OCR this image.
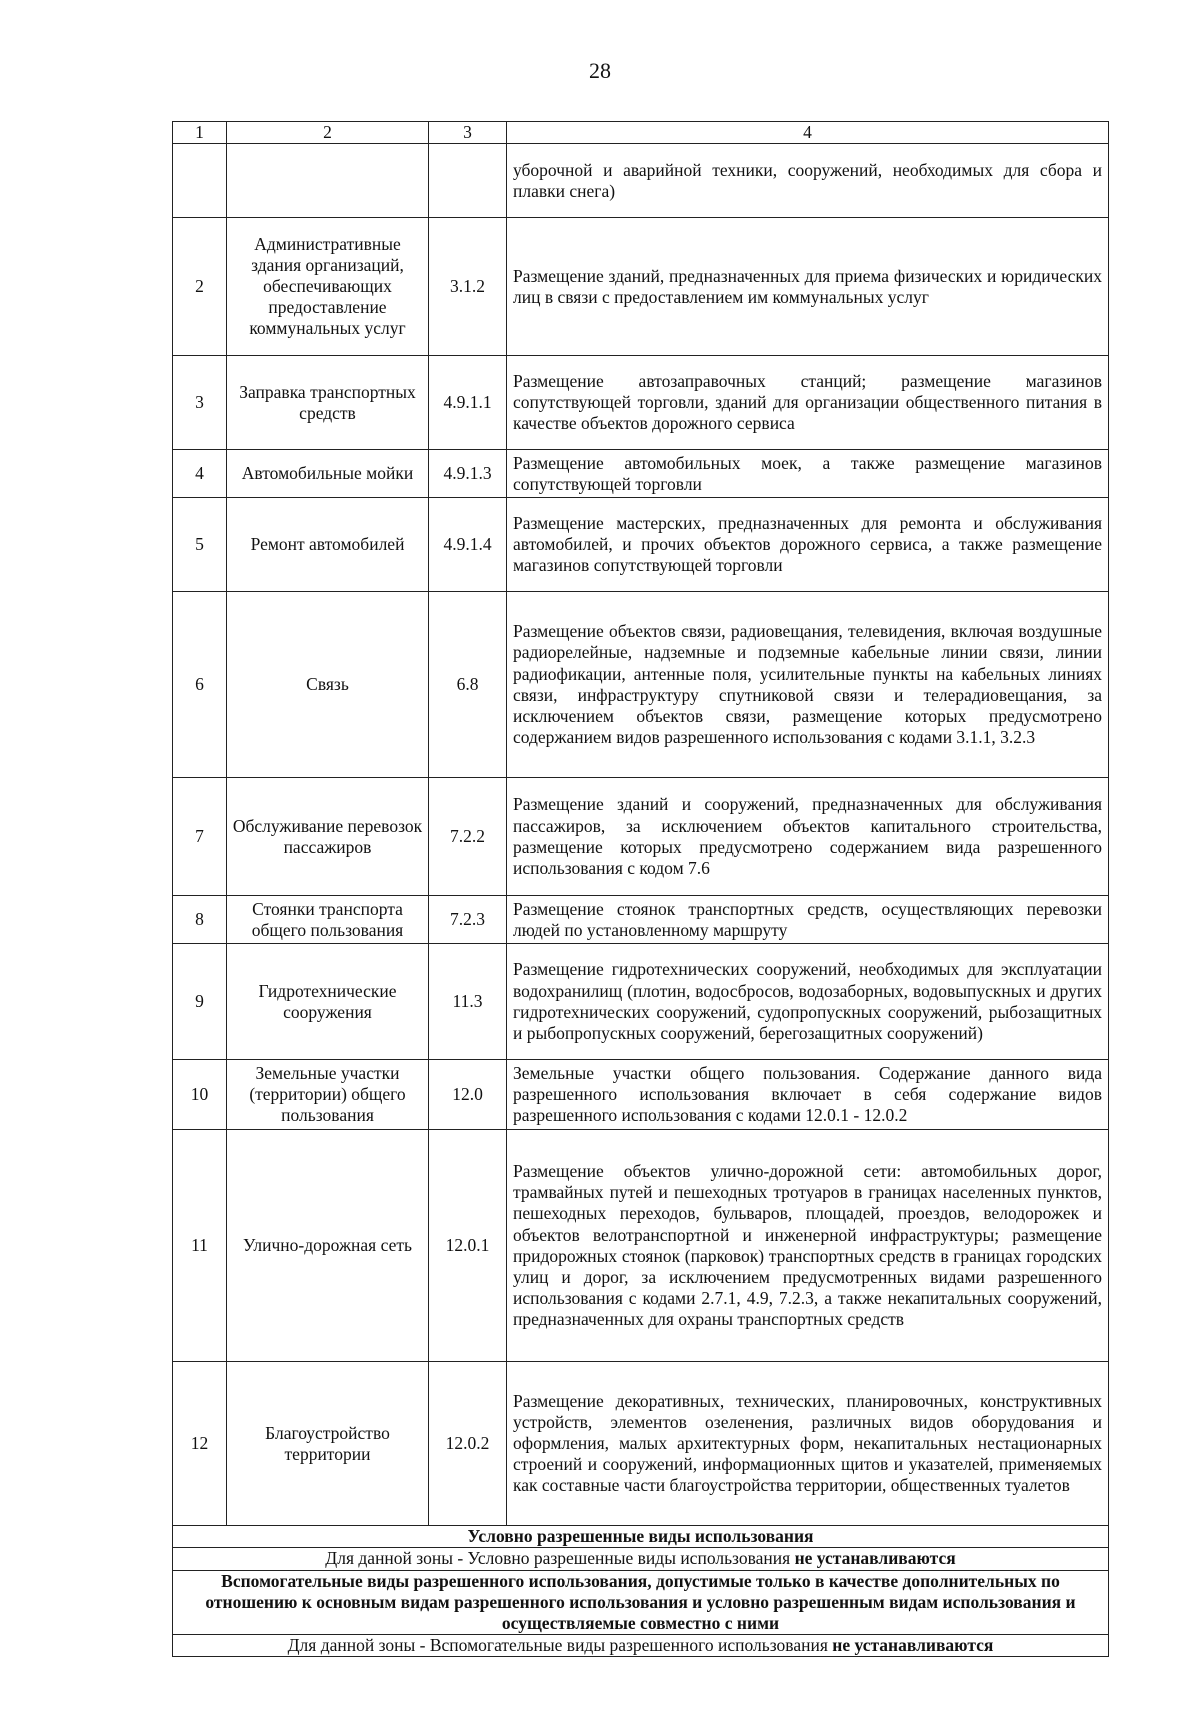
28
1	2	3	4
			уборочной и аварийной техники, сооружений, необходимых для сбора и плавки снега)
2	Административные здания организаций, обеспечивающих предоставление коммунальных услуг	3.1.2	Размещение зданий, предназначенных для приема физических и юридических лиц в связи с предоставлением им коммунальных услуг
3	Заправка транспортных средств	4.9.1.1	Размещение автозаправочных станций; размещение магазинов сопутствующей торговли, зданий для организации общественного питания в качестве объектов дорожного сервиса
4	Автомобильные мойки	4.9.1.3	Размещение автомобильных моек, а также размещение магазинов сопутствующей торговли
5	Ремонт автомобилей	4.9.1.4	Размещение мастерских, предназначенных для ремонта и обслуживания автомобилей, и прочих объектов дорожного сервиса, а также размещение магазинов сопутствующей торговли
6	Связь	6.8	Размещение объектов связи, радиовещания, телевидения, включая воздушные радиорелейные, надземные и подземные кабельные линии связи, линии радиофикации, антенные поля, усилительные пункты на кабельных линиях связи, инфраструктуру спутниковой связи и телерадиовещания, за исключением объектов связи, размещение которых предусмотрено содержанием видов разрешенного использования с кодами 3.1.1, 3.2.3
7	Обслуживание перевозок пассажиров	7.2.2	Размещение зданий и сооружений, предназначенных для обслуживания пассажиров, за исключением объектов капитального строительства, размещение которых предусмотрено содержанием вида разрешенного использования с кодом 7.6
8	Стоянки транспорта общего пользования	7.2.3	Размещение стоянок транспортных средств, осуществляющих перевозки людей по установленному маршруту
9	Гидротехнические сооружения	11.3	Размещение гидротехнических сооружений, необходимых для эксплуатации водохранилищ (плотин, водосбросов, водозаборных, водовыпускных и других гидротехнических сооружений, судопропускных сооружений, рыбозащитных и рыбопропускных сооружений, берегозащитных сооружений)
10	Земельные участки (территории) общего пользования	12.0	Земельные участки общего пользования. Содержание данного вида разрешенного использования включает в себя содержание видов разрешенного использования с кодами 12.0.1 - 12.0.2
11	Улично-дорожная сеть	12.0.1	Размещение объектов улично-дорожной сети: автомобильных дорог, трамвайных путей и пешеходных тротуаров в границах населенных пунктов, пешеходных переходов, бульваров, площадей, проездов, велодорожек и объектов велотранспортной и инженерной инфраструктуры; размещение придорожных стоянок (парковок) транспортных средств в границах городских улиц и дорог, за исключением предусмотренных видами разрешенного использования с кодами 2.7.1, 4.9, 7.2.3, а также некапитальных сооружений, предназначенных для охраны транспортных средств
12	Благоустройство территории	12.0.2	Размещение декоративных, технических, планировочных, конструктивных устройств, элементов озеленения, различных видов оборудования и оформления, малых архитектурных форм, некапитальных нестационарных строений и сооружений, информационных щитов и указателей, применяемых как составные части благоустройства территории, общественных туалетов
Условно разрешенные виды использования			
Для данной зоны - Условно разрешенные виды использования не устанавливаются			
Вспомогательные виды разрешенного использования, допустимые только в качестве дополнительных по отношению к основным видам разрешенного использования и условно разрешенным видам использования и осуществляемые совместно с ними			
Для данной зоны - Вспомогательные виды разрешенного использования не устанавливаются			
